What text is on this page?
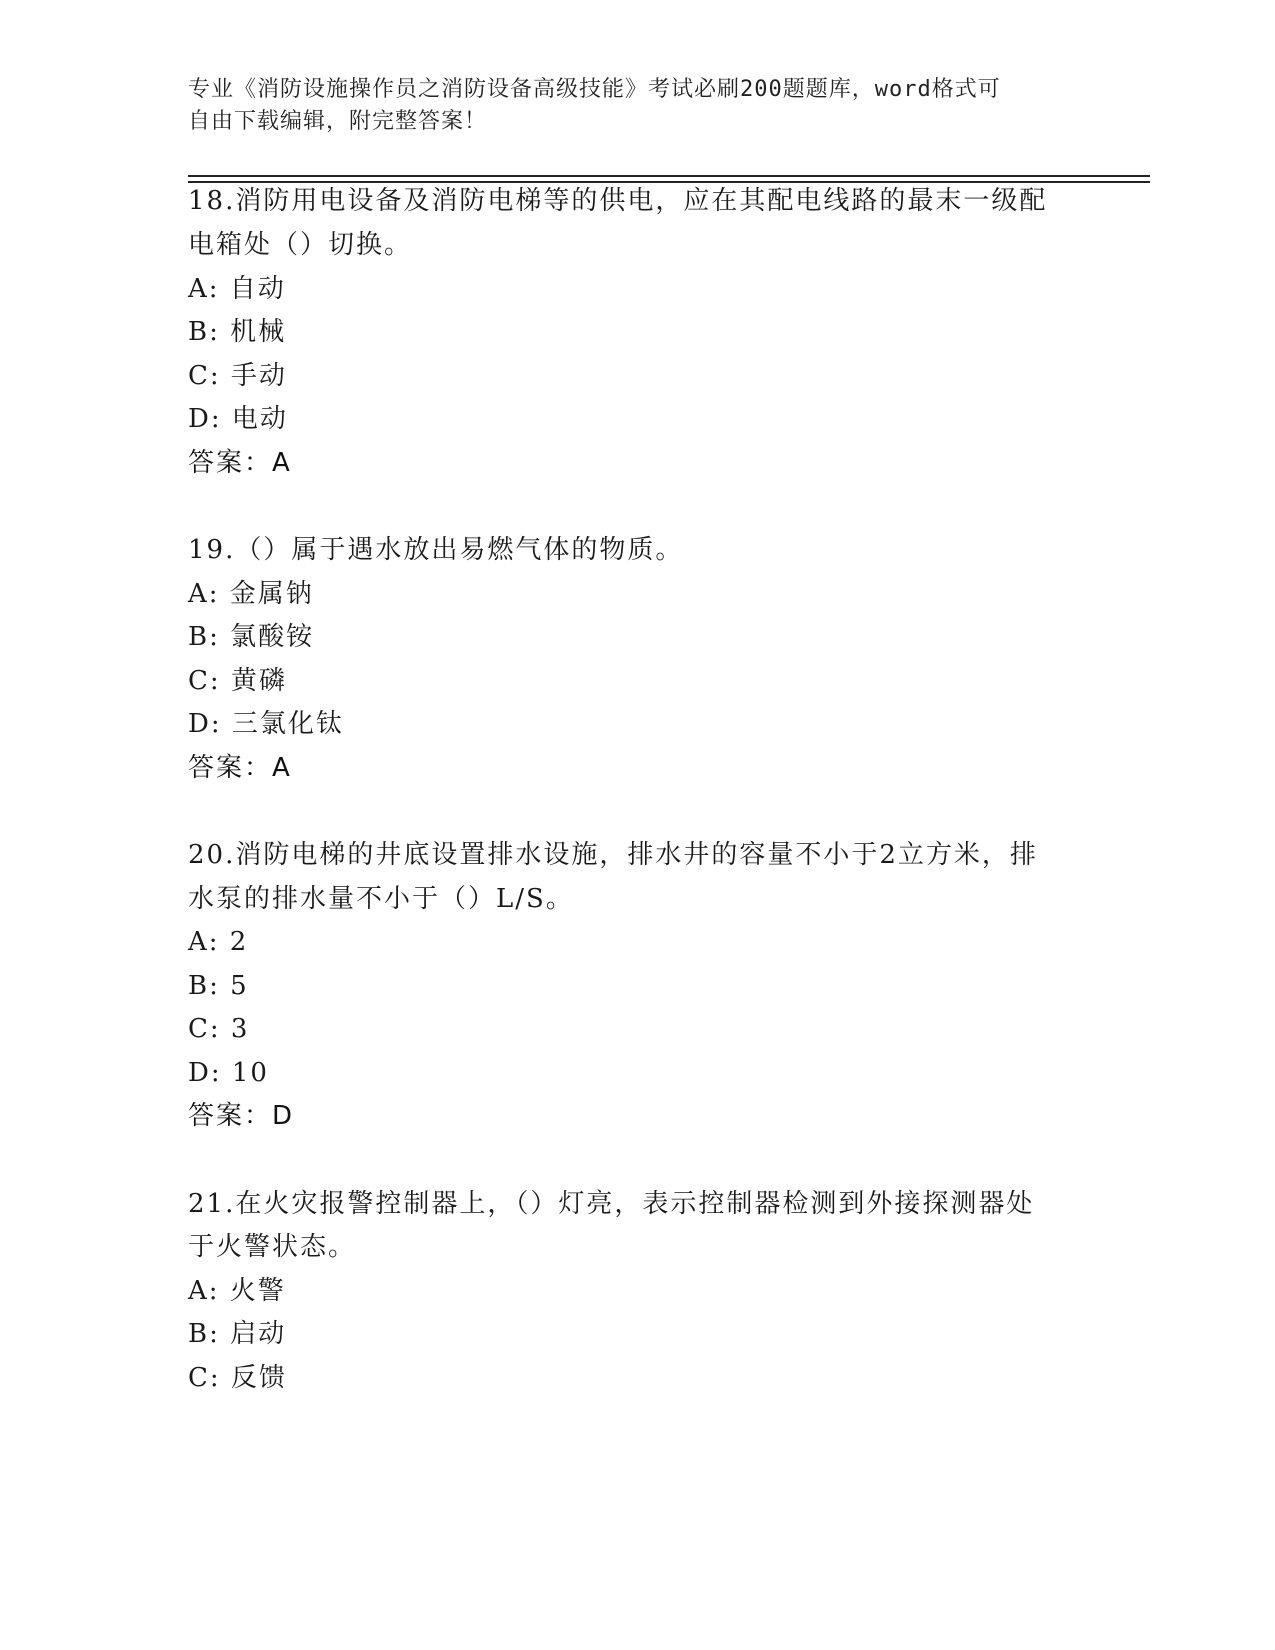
专业《消防设施操作员之消防设备高级技能》考试必刷200题题库，word格式可
自由下载编辑，附完整答案！
18.消防用电设备及消防电梯等的供电，应在其配电线路的最末一级配
电箱处（）切换。
A: 自动
B: 机械
C: 手动
D: 电动
答案：A
19.（）属于遇水放出易燃气体的物质。
A: 金属钠
B: 氯酸铵
C: 黄磷
D: 三氯化钛
答案：A
20.消防电梯的井底设置排水设施，排水井的容量不小于2立方米，排
水泵的排水量不小于（）L/S。
A: 2
B: 5
C: 3
D: 10
答案：D
21.在火灾报警控制器上，（）灯亮，表示控制器检测到外接探测器处
于火警状态。
A: 火警
B: 启动
C: 反馈
